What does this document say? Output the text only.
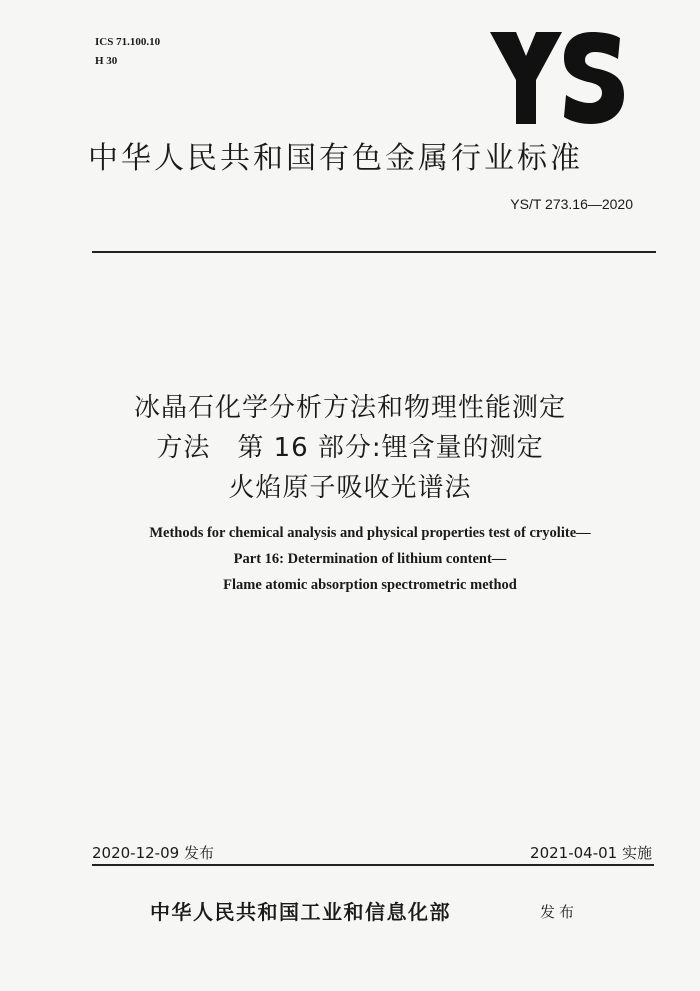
ICS 71.100.10
H 30
中华人民共和国有色金属行业标准
YS/T 273.16—2020
冰晶石化学分析方法和物理性能测定
方法　第 16 部分:锂含量的测定
火焰原子吸收光谱法
Methods for chemical analysis and physical properties test of cryolite—
Part 16: Determination of lithium content—
Flame atomic absorption spectrometric method
2020-12-09 发布	2021-04-01 实施
中华人民共和国工业和信息化部	发布
